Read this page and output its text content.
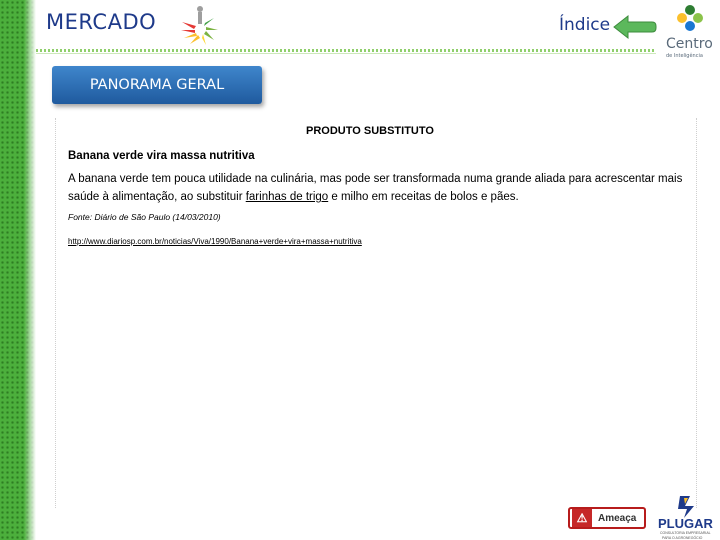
MERCADO	Índice
Centro
de Inteligência
PANORAMA GERAL
PRODUTO SUBSTITUTO
Banana verde vira massa nutritiva
A banana verde tem pouca utilidade na culinária, mas pode ser transformada numa grande aliada para acrescentar mais saúde à alimentação, ao substituir farinhas de trigo e milho em receitas de bolos e pães.
Fonte: Diário de São Paulo (14/03/2010)
http://www.diariosp.com.br/noticias/Viva/1990/Banana+verde+vira+massa+nutritiva
⚠	Ameaça PLUGAR
CONSULTORIA EMPRESARIAL
PARA O AGRONEGÓCIO
